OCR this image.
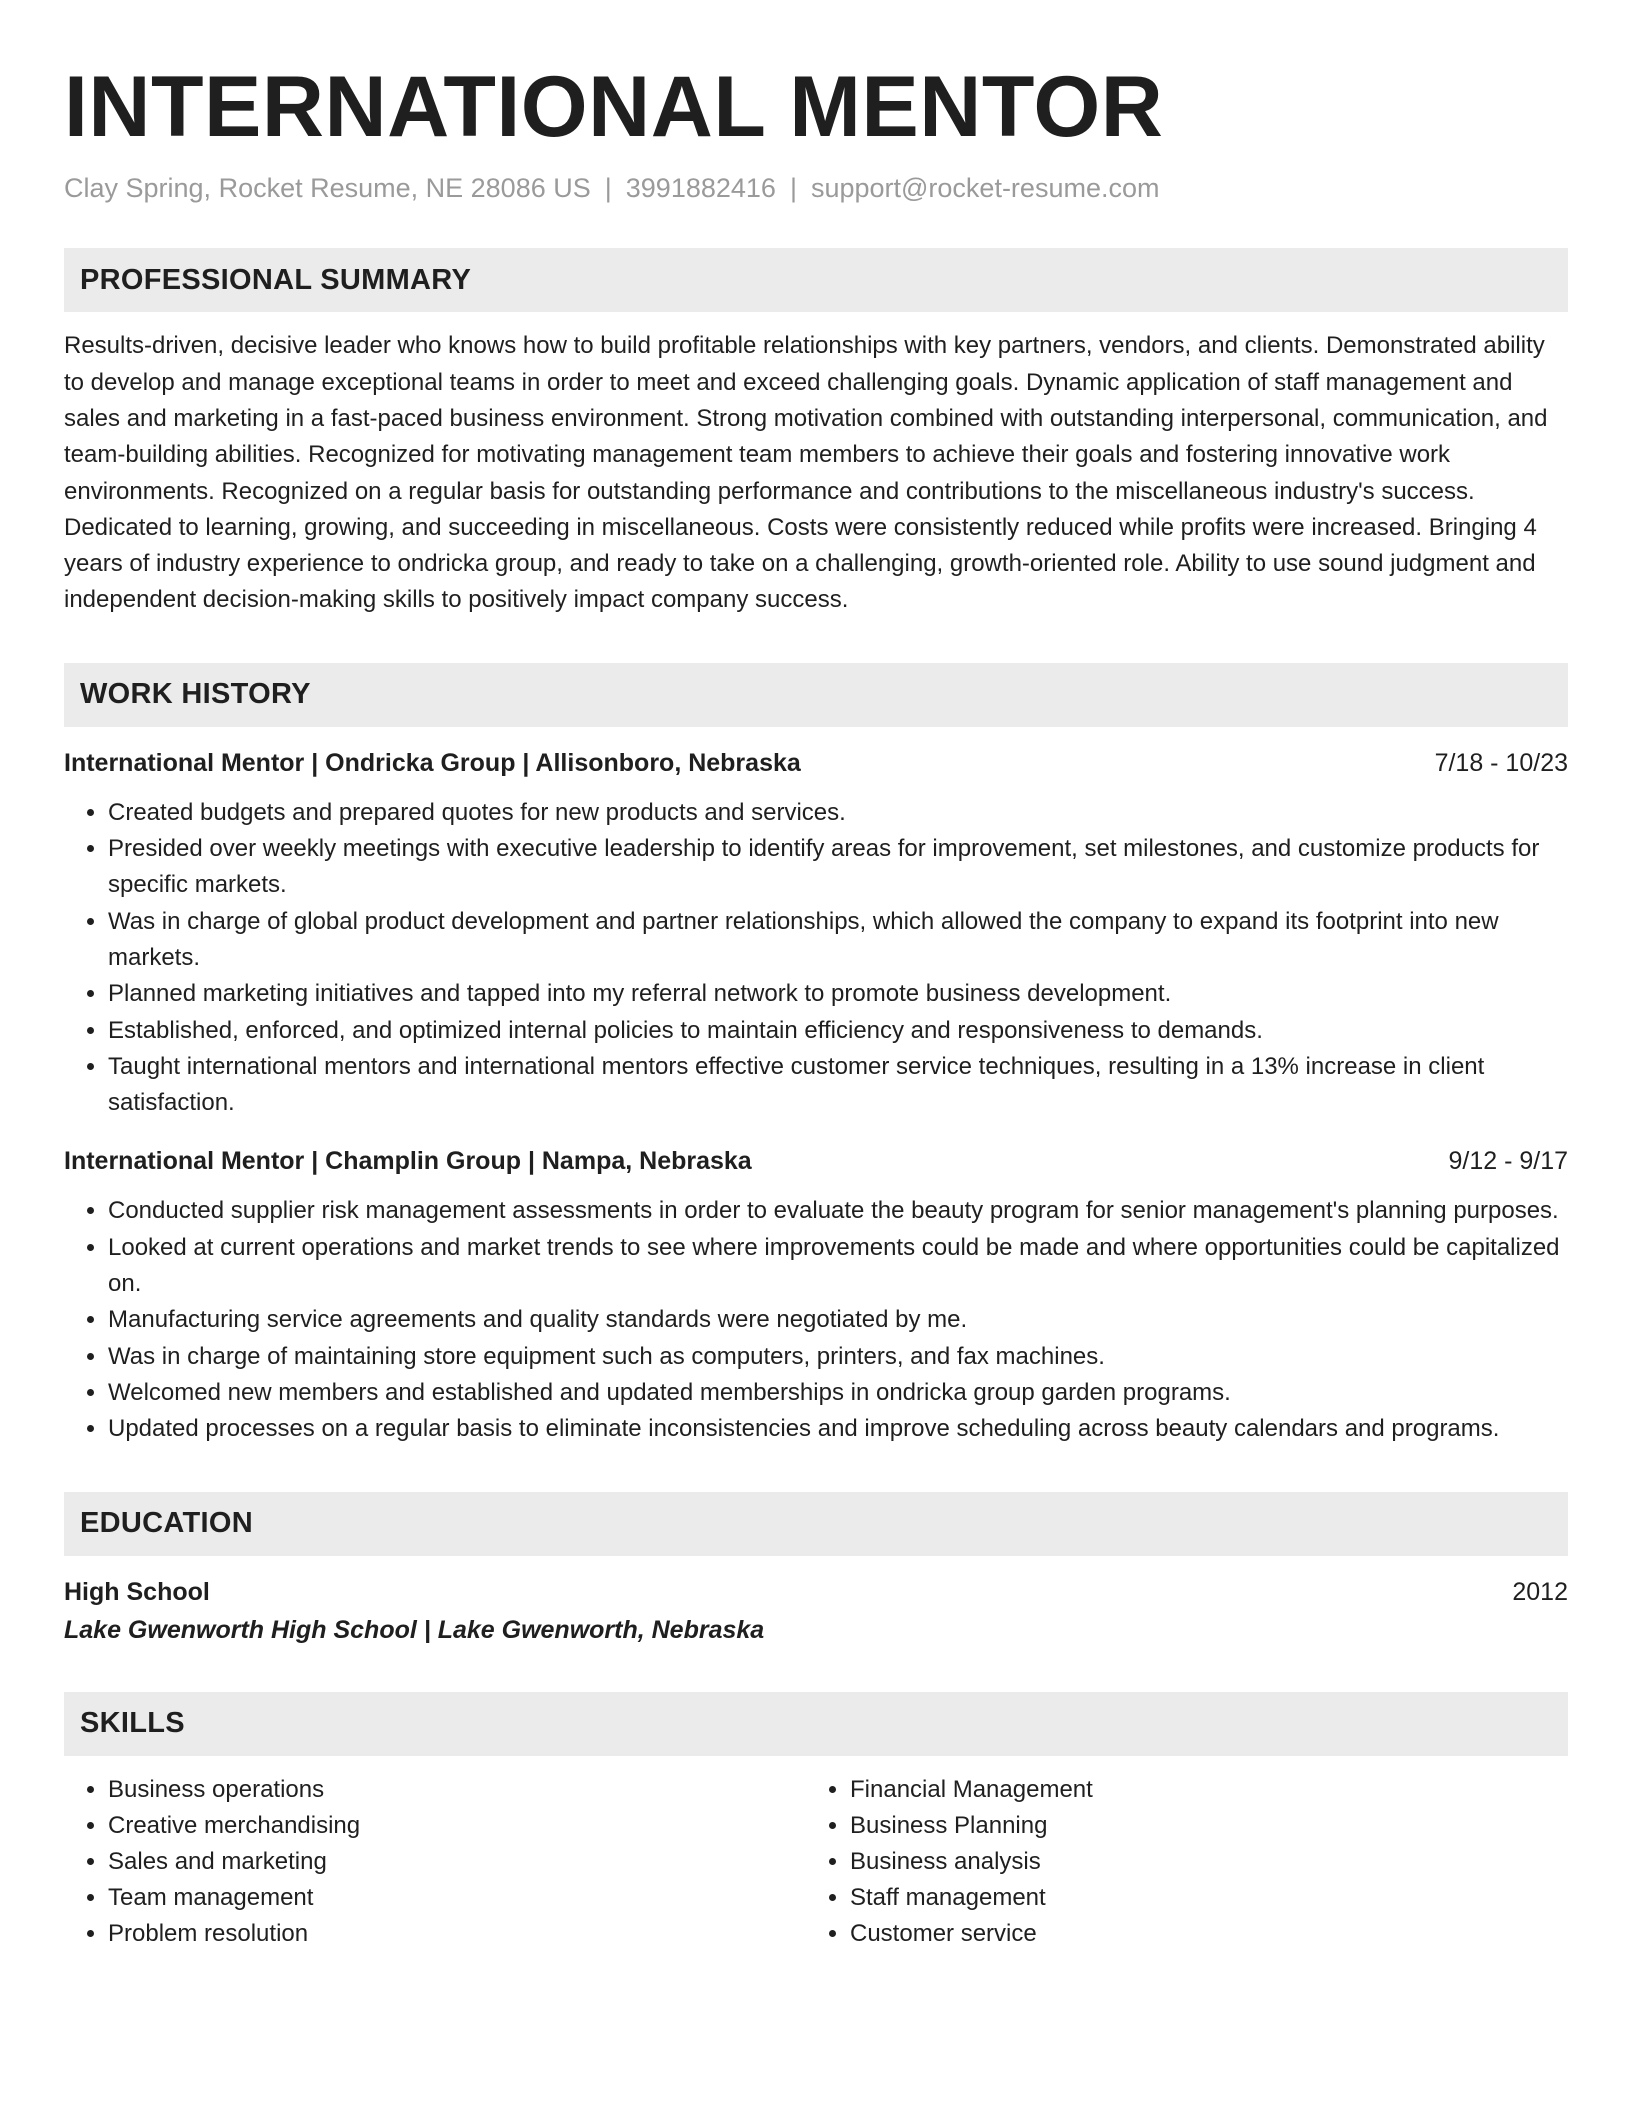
INTERNATIONAL MENTOR
Clay Spring, Rocket Resume, NE 28086 US | 3991882416 | support@rocket-resume.com
PROFESSIONAL SUMMARY
Results-driven, decisive leader who knows how to build profitable relationships with key partners, vendors, and clients. Demonstrated ability to develop and manage exceptional teams in order to meet and exceed challenging goals. Dynamic application of staff management and sales and marketing in a fast-paced business environment. Strong motivation combined with outstanding interpersonal, communication, and team-building abilities. Recognized for motivating management team members to achieve their goals and fostering innovative work environments. Recognized on a regular basis for outstanding performance and contributions to the miscellaneous industry's success. Dedicated to learning, growing, and succeeding in miscellaneous. Costs were consistently reduced while profits were increased. Bringing 4 years of industry experience to ondricka group, and ready to take on a challenging, growth-oriented role. Ability to use sound judgment and independent decision-making skills to positively impact company success.
WORK HISTORY
International Mentor | Ondricka Group | Allisonboro, Nebraska	7/18 - 10/23
• Created budgets and prepared quotes for new products and services.
• Presided over weekly meetings with executive leadership to identify areas for improvement, set milestones, and customize products for specific markets.
• Was in charge of global product development and partner relationships, which allowed the company to expand its footprint into new markets.
• Planned marketing initiatives and tapped into my referral network to promote business development.
• Established, enforced, and optimized internal policies to maintain efficiency and responsiveness to demands.
• Taught international mentors and international mentors effective customer service techniques, resulting in a 13% increase in client satisfaction.
International Mentor | Champlin Group | Nampa, Nebraska	9/12 - 9/17
• Conducted supplier risk management assessments in order to evaluate the beauty program for senior management's planning purposes.
• Looked at current operations and market trends to see where improvements could be made and where opportunities could be capitalized on.
• Manufacturing service agreements and quality standards were negotiated by me.
• Was in charge of maintaining store equipment such as computers, printers, and fax machines.
• Welcomed new members and established and updated memberships in ondricka group garden programs.
• Updated processes on a regular basis to eliminate inconsistencies and improve scheduling across beauty calendars and programs.
EDUCATION
High School	2012
Lake Gwenworth High School | Lake Gwenworth, Nebraska
SKILLS
• Business operations
• Creative merchandising
• Sales and marketing
• Team management
• Problem resolution
• Financial Management
• Business Planning
• Business analysis
• Staff management
• Customer service
